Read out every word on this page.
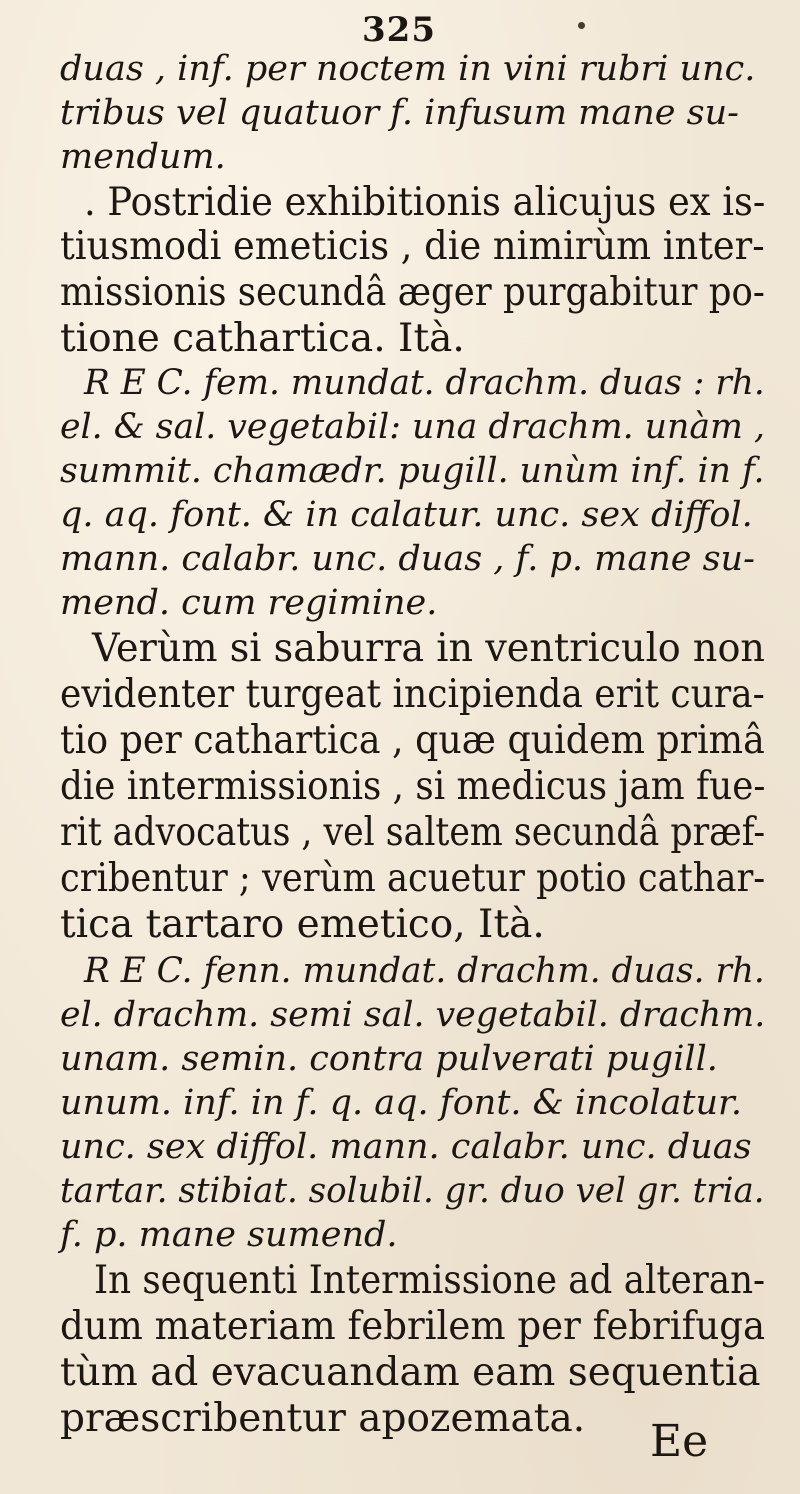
325
duas , inf. per noctem in vini rubri unc.
tribus vel quatuor f. infusum mane su-
mendum.
. Postridie exhibitionis alicujus ex is-
tiusmodi emeticis , die nimirùm inter-
missionis secundâ æger purgabitur po-
tione cathartica. Ità.
R E C. fem. mundat. drachm. duas : rh.
el. & sal. vegetabil: una drachm. unàm ,
summit. chamædr. pugill. unùm inf. in f.
q. aq. font. & in calatur. unc. sex diffol.
mann. calabr. unc. duas , f. p. mane su-
mend. cum regimine.
Verùm si saburra in ventriculo non
evidenter turgeat incipienda erit cura-
tio per cathartica , quæ quidem primâ
die intermissionis , si medicus jam fue-
rit advocatus , vel saltem secundâ præf-
cribentur ; verùm acuetur potio cathar-
tica tartaro emetico, Ità.
R E C. fenn. mundat. drachm. duas. rh.
el. drachm. semi sal. vegetabil. drachm.
unam. semin. contra pulverati pugill.
unum. inf. in f. q. aq. font. & incolatur.
unc. sex diffol. mann. calabr. unc. duas
tartar. stibiat. solubil. gr. duo vel gr. tria.
f. p. mane sumend.
In sequenti Intermissione ad alteran-
dum materiam febrilem per febrifuga
tùm ad evacuandam eam sequentia
præscribentur apozemata. Ee
